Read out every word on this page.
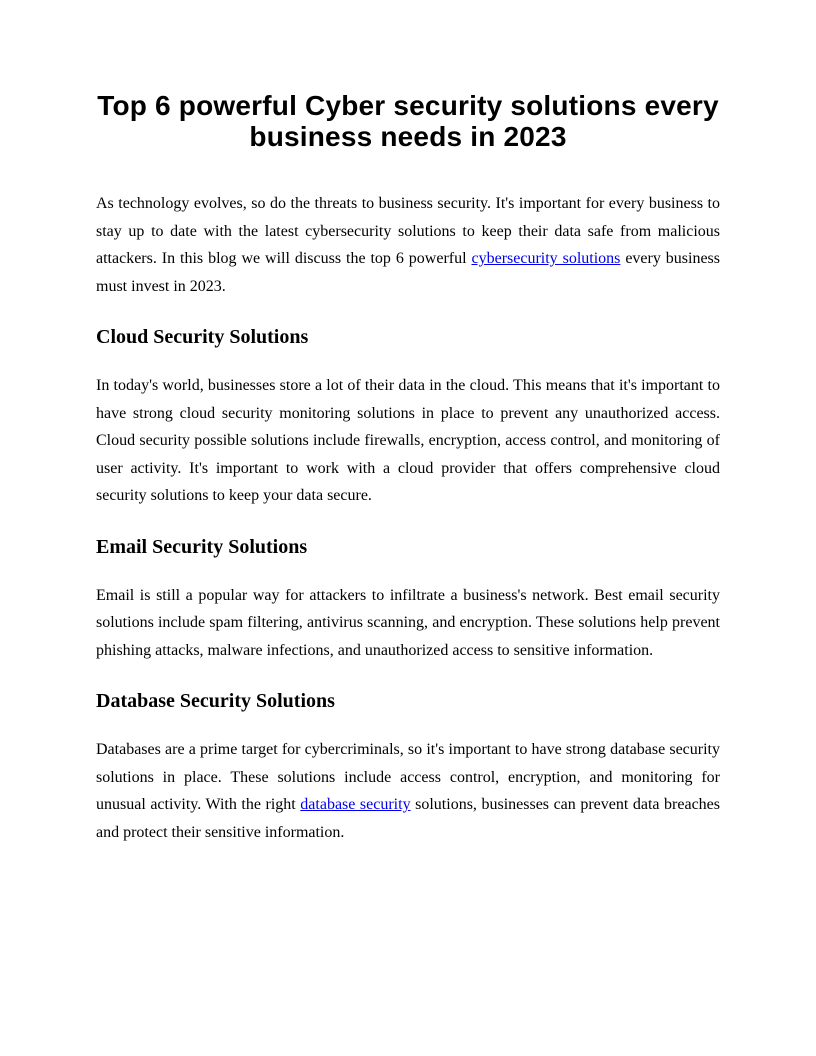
Top 6 powerful Cyber security solutions every business needs in 2023

As technology evolves, so do the threats to business security. It's important for every business to stay up to date with the latest cybersecurity solutions to keep their data safe from malicious attackers. In this blog we will discuss the top 6 powerful cybersecurity solutions every business must invest in 2023.

Cloud Security Solutions

In today's world, businesses store a lot of their data in the cloud. This means that it's important to have strong cloud security monitoring solutions in place to prevent any unauthorized access. Cloud security possible solutions include firewalls, encryption, access control, and monitoring of user activity. It's important to work with a cloud provider that offers comprehensive cloud security solutions to keep your data secure.

Email Security Solutions

Email is still a popular way for attackers to infiltrate a business's network. Best email security solutions include spam filtering, antivirus scanning, and encryption. These solutions help prevent phishing attacks, malware infections, and unauthorized access to sensitive information.

Database Security Solutions

Databases are a prime target for cybercriminals, so it's important to have strong database security solutions in place. These solutions include access control, encryption, and monitoring for unusual activity. With the right database security solutions, businesses can prevent data breaches and protect their sensitive information.
